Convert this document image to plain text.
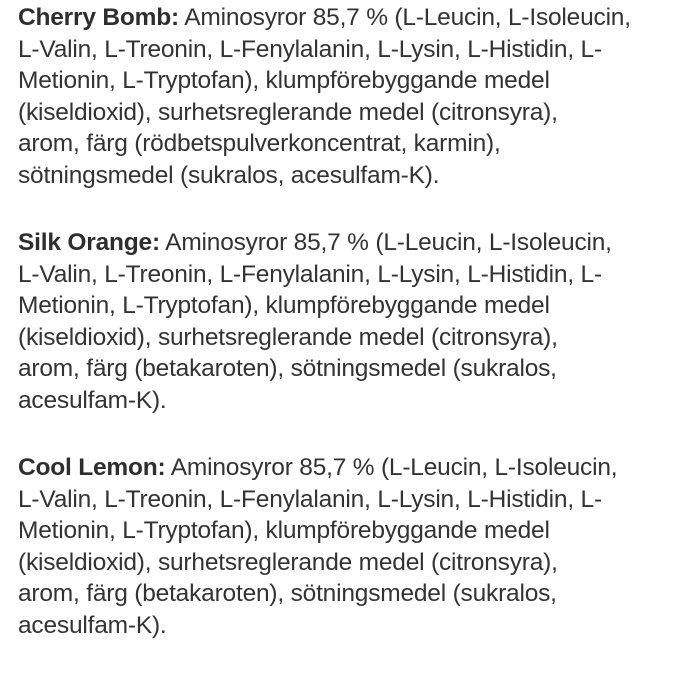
Cherry Bomb: Aminosyror 85,7 % (L-Leucin, L-Isoleucin,
L-Valin, L-Treonin, L-Fenylalanin, L-Lysin, L-Histidin, L-
Metionin, L-Tryptofan), klumpförebyggande medel
(kiseldioxid), surhetsreglerande medel (citronsyra),
arom, färg (rödbetspulverkoncentrat, karmin),
sötningsmedel (sukralos, acesulfam-K).

Silk Orange: Aminosyror 85,7 % (L-Leucin, L-Isoleucin,
L-Valin, L-Treonin, L-Fenylalanin, L-Lysin, L-Histidin, L-
Metionin, L-Tryptofan), klumpförebyggande medel
(kiseldioxid), surhetsreglerande medel (citronsyra),
arom, färg (betakaroten), sötningsmedel (sukralos,
acesulfam-K).

Cool Lemon: Aminosyror 85,7 % (L-Leucin, L-Isoleucin,
L-Valin, L-Treonin, L-Fenylalanin, L-Lysin, L-Histidin, L-
Metionin, L-Tryptofan), klumpförebyggande medel
(kiseldioxid), surhetsreglerande medel (citronsyra),
arom, färg (betakaroten), sötningsmedel (sukralos,
acesulfam-K).
